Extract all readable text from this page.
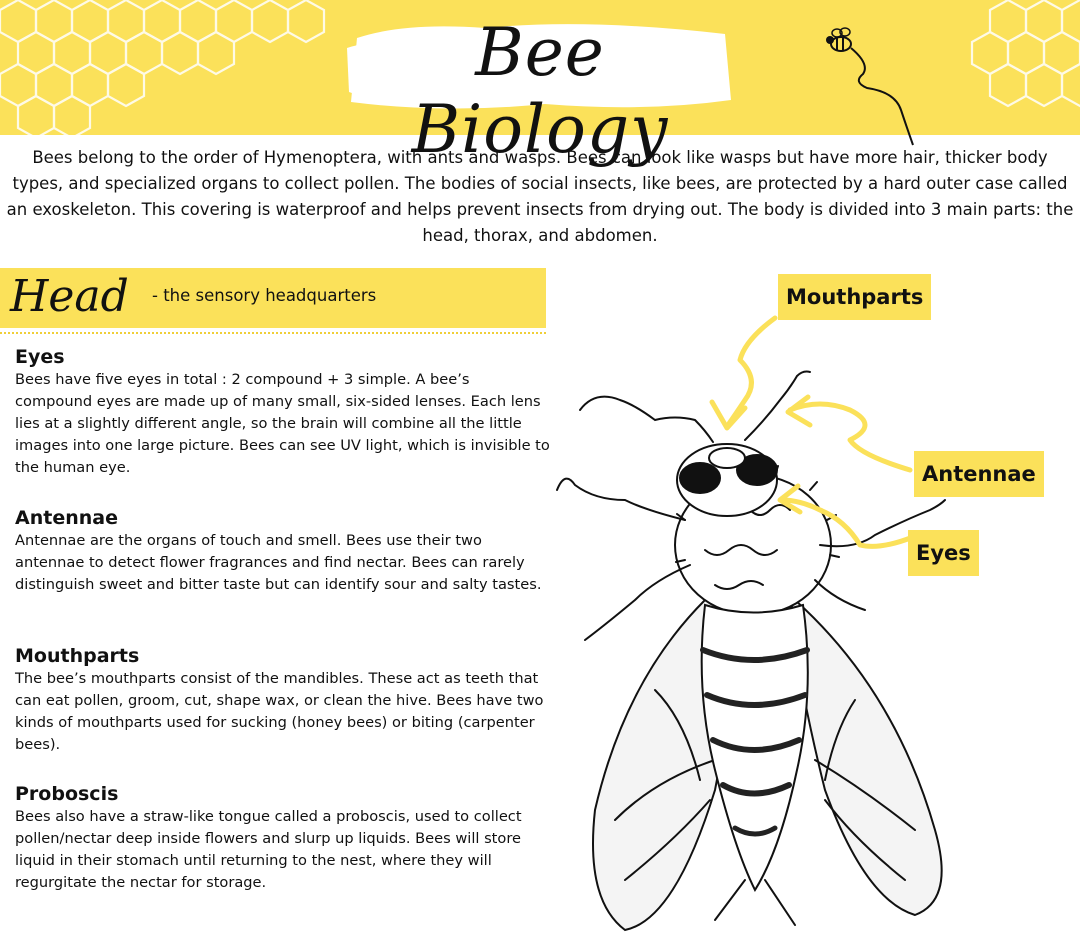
Bee Biology
Bees belong to the order of Hymenoptera, with ants and wasps. Bees can look like wasps but have more hair, thicker body types, and specialized organs to collect pollen. The bodies of social insects, like bees, are protected by a hard outer case called an exoskeleton. This covering is waterproof and helps prevent insects from drying out. The body is divided into 3 main parts: the head, thorax, and abdomen.
Head - the sensory headquarters
Eyes

Bees have five eyes in total : 2 compound + 3 simple. A bee’s compound eyes are made up of many small, six-sided lenses. Each lens lies at a slightly different angle, so the brain will combine all the little images into one large picture. Bees can see UV light, which is invisible to the human eye.

Antennae

Antennae are the organs of touch and smell. Bees use their two antennae to detect flower fragrances and find nectar. Bees can rarely distinguish sweet and bitter taste but can identify sour and salty tastes.

Mouthparts

The bee’s mouthparts consist of the mandibles. These act as teeth that can eat pollen, groom, cut, shape wax, or clean the hive. Bees have two kinds of mouthparts used for sucking (honey bees) or biting (carpenter bees).

Proboscis

Bees also have a straw-like tongue called a proboscis, used to collect pollen/nectar deep inside flowers and slurp up liquids. Bees will store liquid in their stomach until returning to the nest, where they will regurgitate the nectar for storage.

Mouthparts
Antennae
Eyes
